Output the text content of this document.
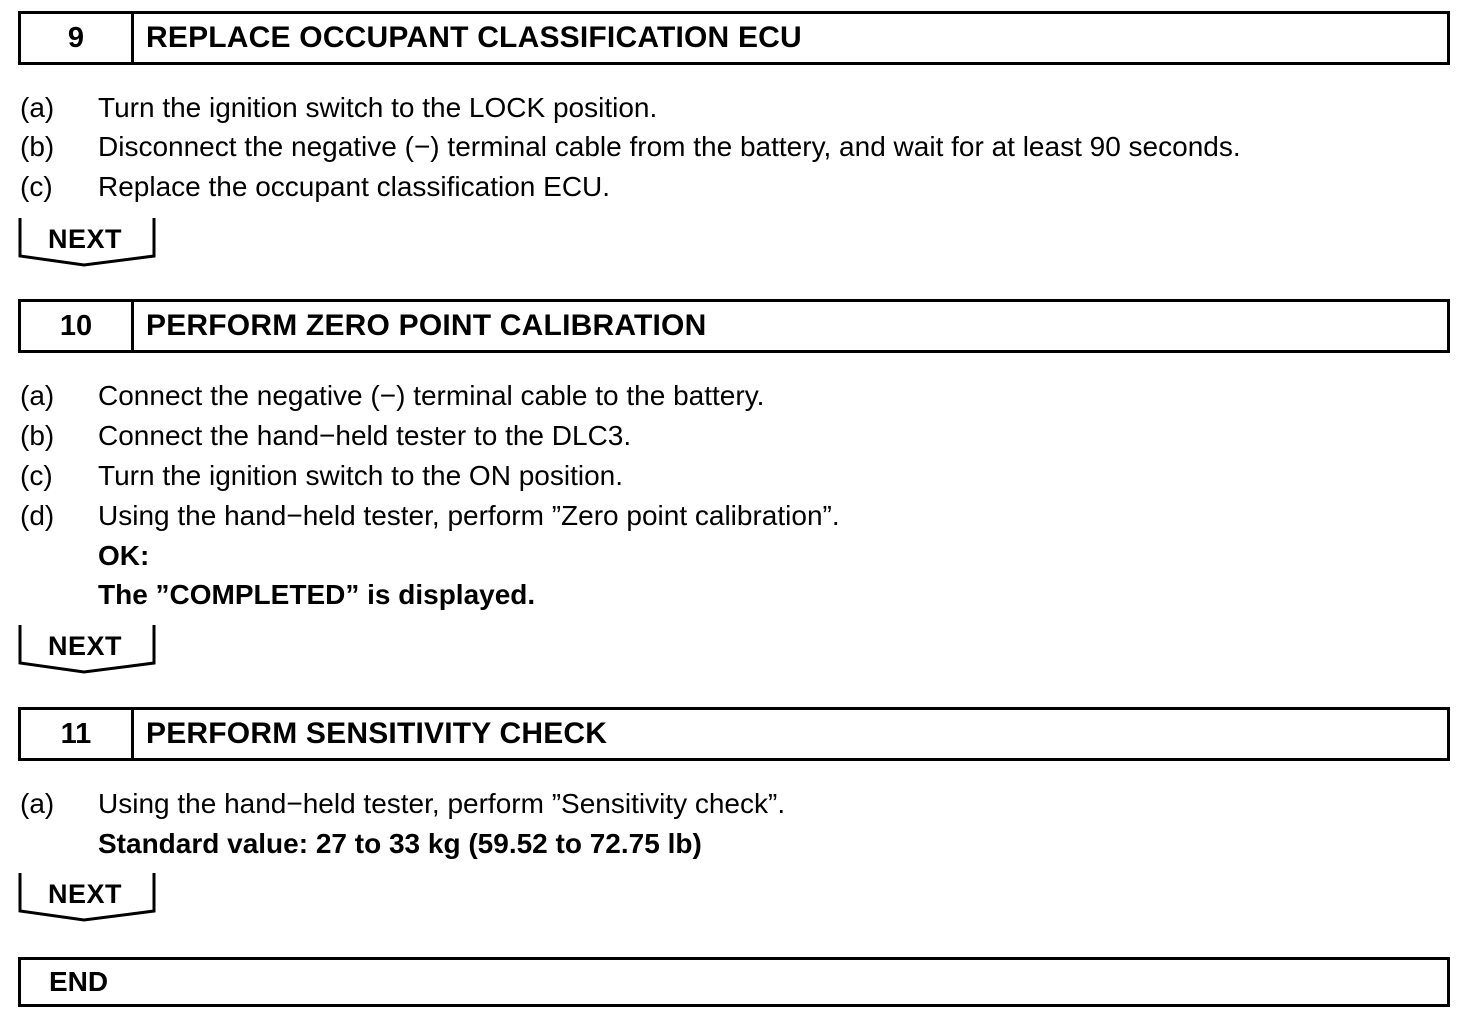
9	REPLACE OCCUPANT CLASSIFICATION ECU
(a) Turn the ignition switch to the LOCK position.
(b) Disconnect the negative (−) terminal cable from the battery, and wait for at least 90 seconds.
(c) Replace the occupant classification ECU.
NEXT
10	PERFORM ZERO POINT CALIBRATION
(a) Connect the negative (−) terminal cable to the battery.
(b) Connect the hand−held tester to the DLC3.
(c) Turn the ignition switch to the ON position.
(d) Using the hand−held tester, perform ”Zero point calibration”.
OK:
The ”COMPLETED” is displayed.
NEXT
11	PERFORM SENSITIVITY CHECK
(a) Using the hand−held tester, perform ”Sensitivity check”.
Standard value: 27 to 33 kg (59.52 to 72.75 lb)
NEXT
END
